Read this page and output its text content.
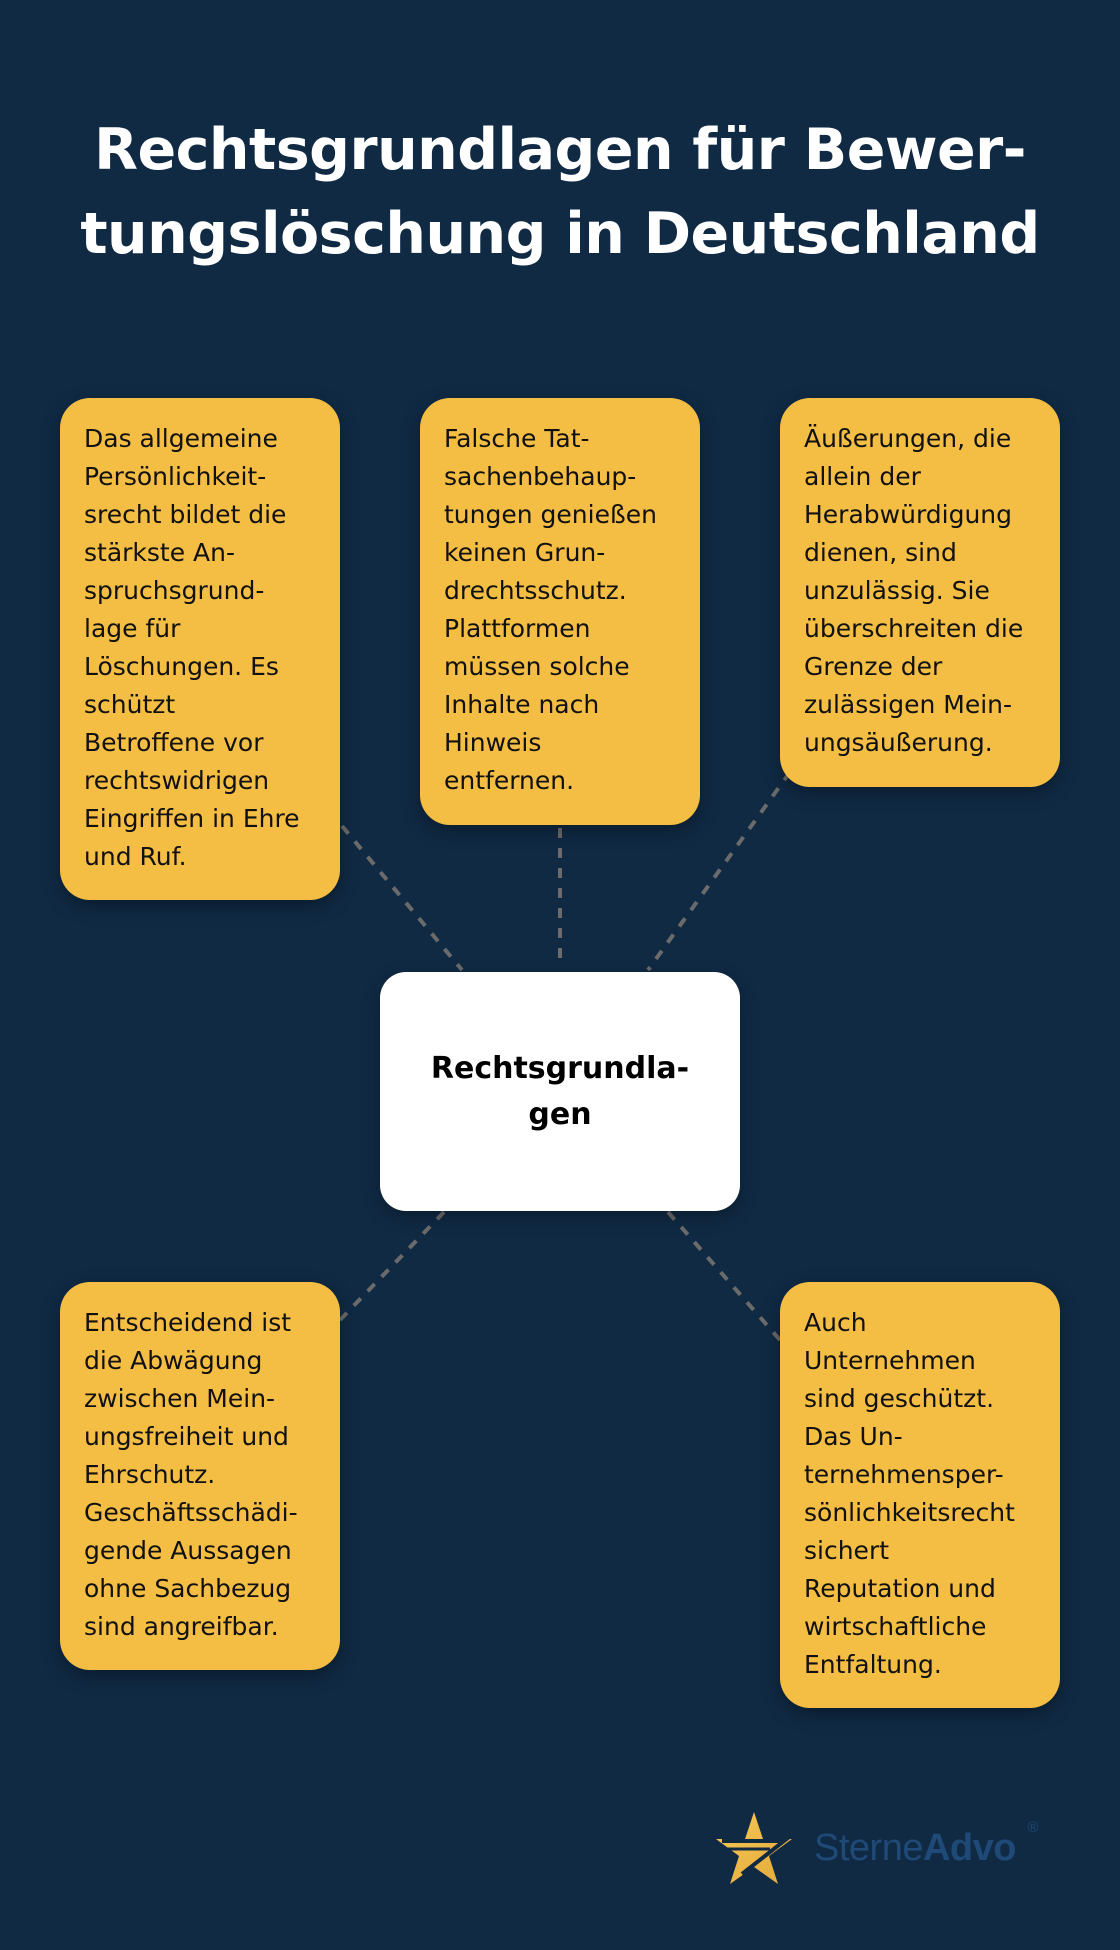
Rechtsgrundlagen für Bewer-
tungslöschung in Deutschland
Das allgemeine
Persönlichkeit-
srecht bildet die
stärkste An-
spruchsgrund-
lage für
Löschungen. Es
schützt
Betroffene vor
rechtswidrigen
Eingriffen in Ehre
und Ruf.
Falsche Tat-
sachenbehaup-
tungen genießen
keinen Grun-
drechtsschutz.
Plattformen
müssen solche
Inhalte nach
Hinweis
entfernen.
Äußerungen, die
allein der
Herabwürdigung
dienen, sind
unzulässig. Sie
überschreiten die
Grenze der
zulässigen Mein-
ungsäußerung.
Rechtsgrundla-
gen
Entscheidend ist
die Abwägung
zwischen Mein-
ungsfreiheit und
Ehrschutz.
Geschäftsschädi-
gende Aussagen
ohne Sachbezug
sind angreifbar.
Auch
Unternehmen
sind geschützt.
Das Un-
ternehmensper-
sönlichkeitsrecht
sichert
Reputation und
wirtschaftliche
Entfaltung.
SterneAdvo ®
